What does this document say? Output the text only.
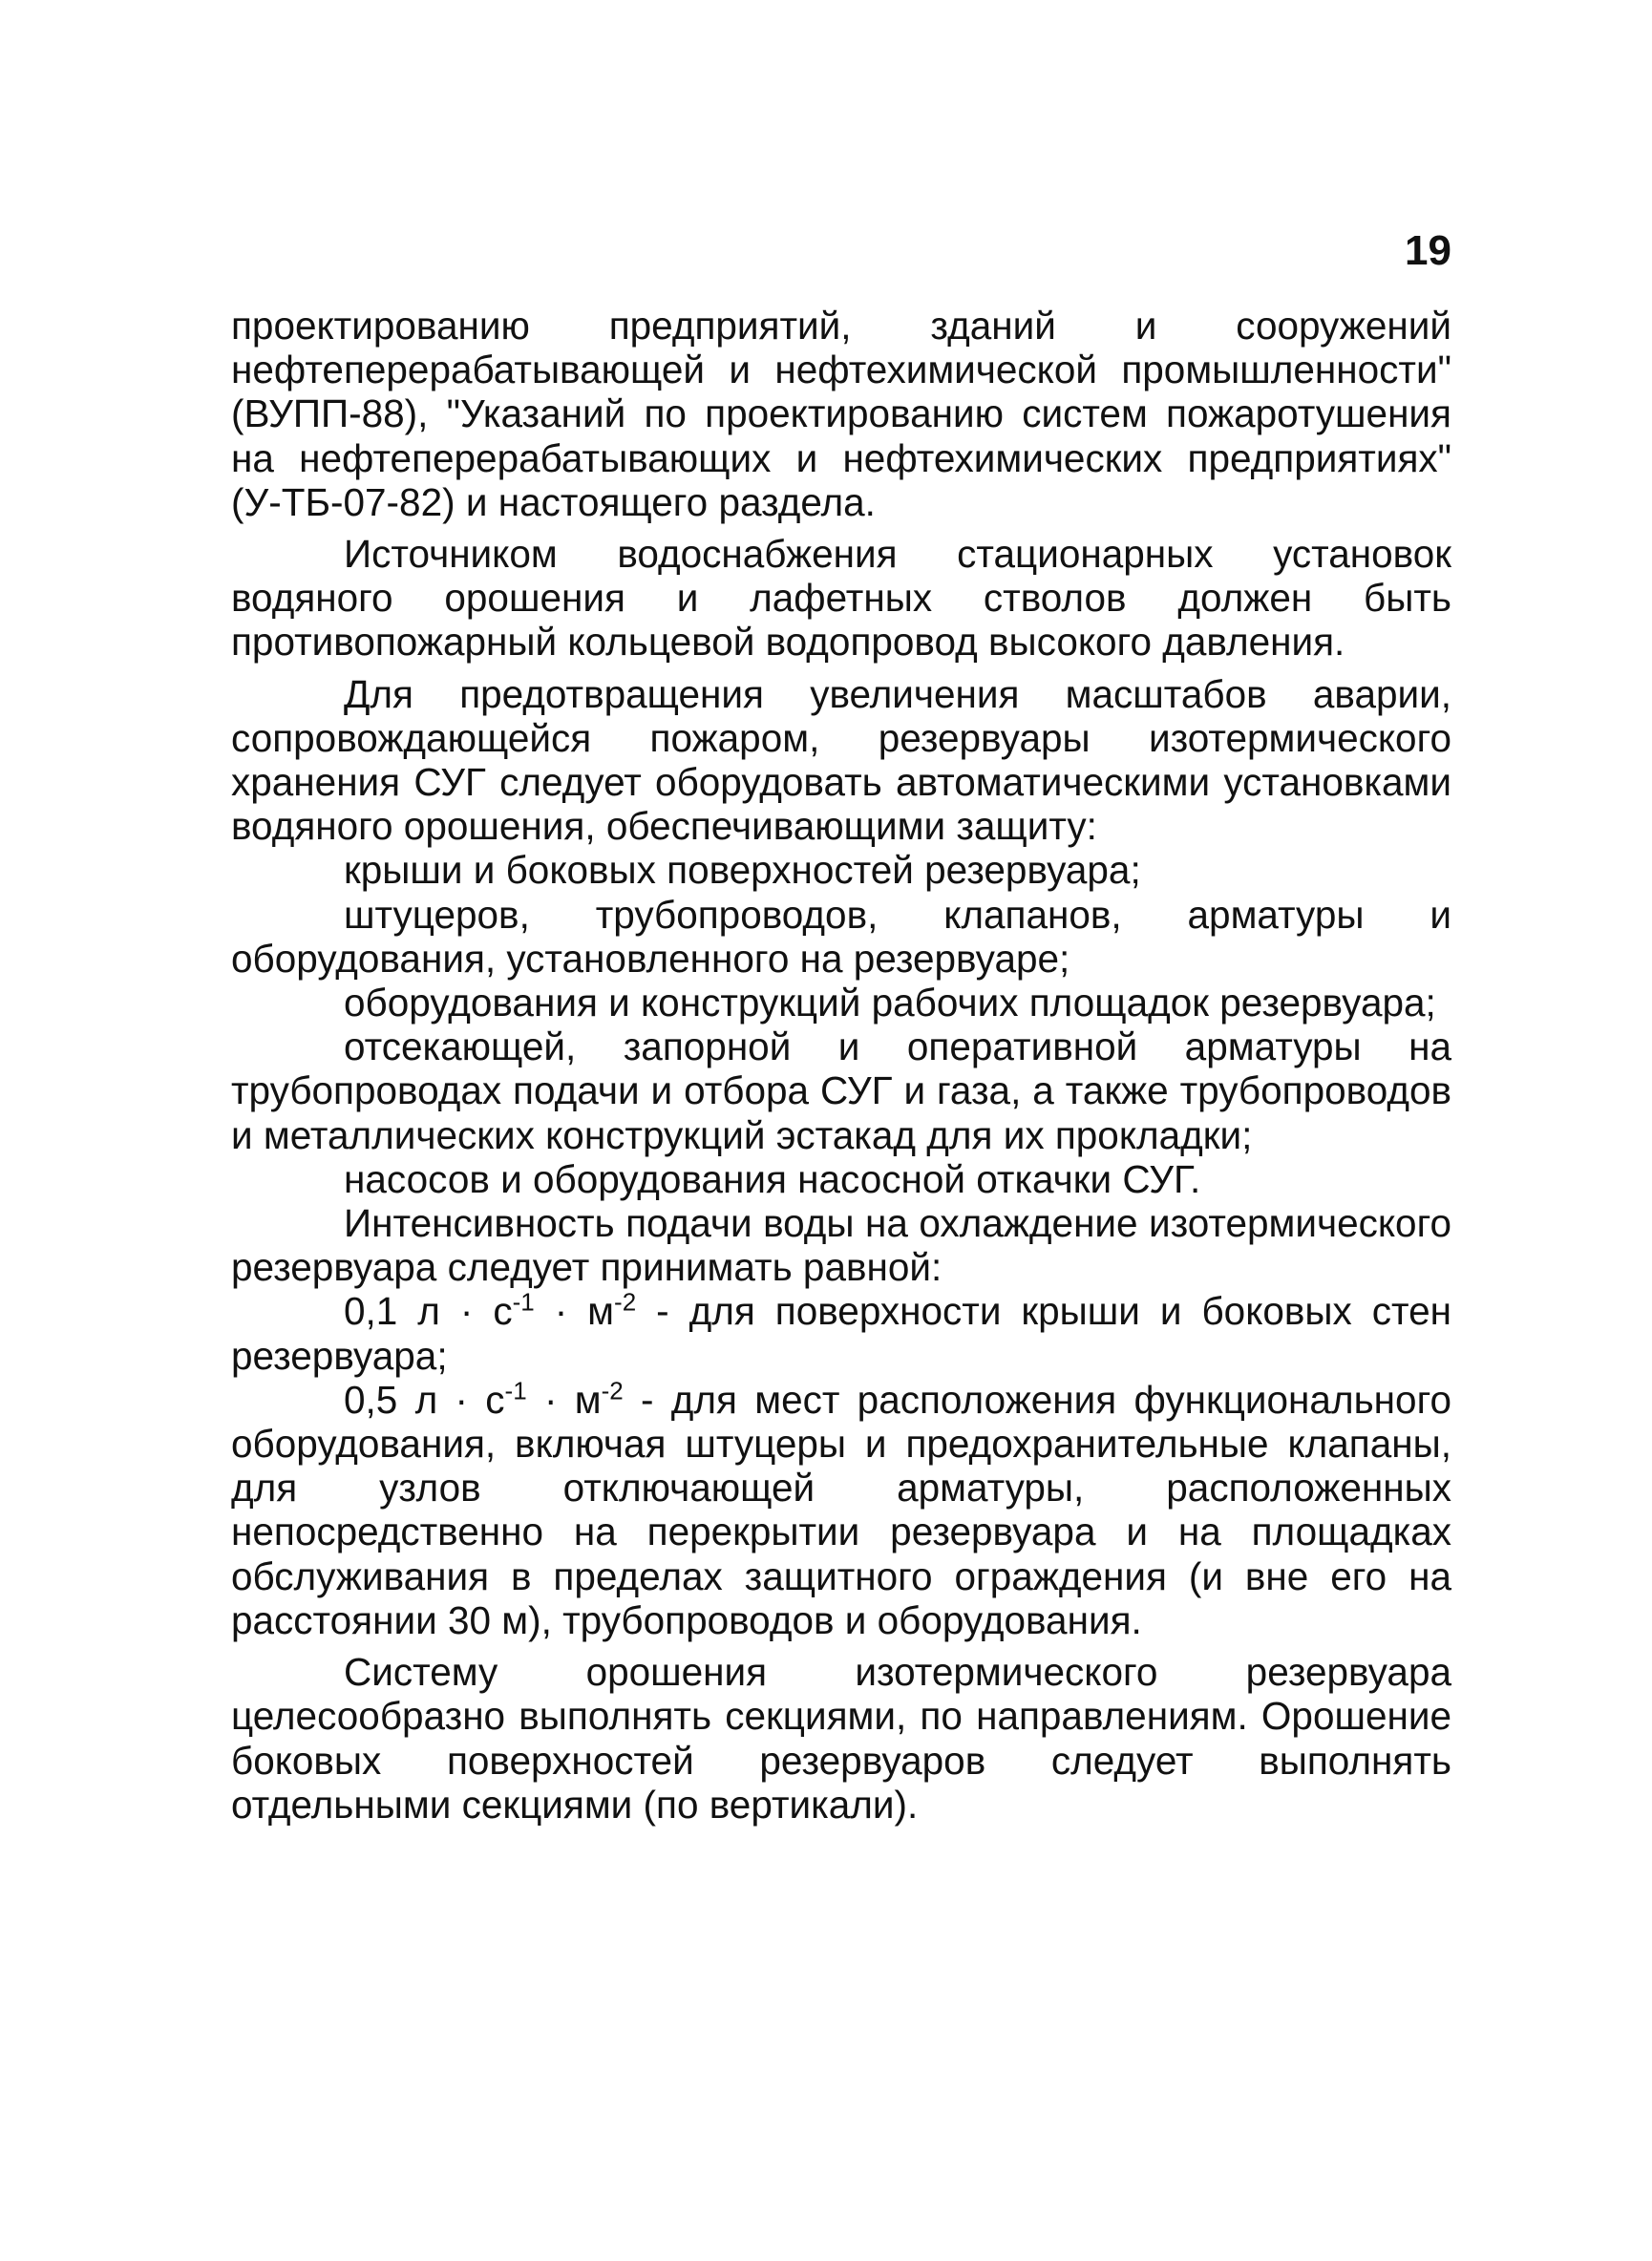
19

проектированию предприятий, зданий и сооружений нефтеперерабатывающей и нефтехимической промышленности" (ВУПП-88), "Указаний по проектированию систем пожаротушения на нефтеперерабатывающих и нефтехимических предприятиях" (У-ТБ-07-82) и настоящего раздела.

Источником водоснабжения стационарных установок водяного орошения и лафетных стволов должен быть противопожарный кольцевой водопровод высокого давления.

Для предотвращения увеличения масштабов аварии, сопровождающейся пожаром, резервуары изотермического хранения СУГ следует оборудовать автоматическими установками водяного орошения, обеспечивающими защиту:

крыши и боковых поверхностей резервуара;

штуцеров, трубопроводов, клапанов, арматуры и оборудования, установленного на резервуаре;

оборудования и конструкций рабочих площадок резервуара;

отсекающей, запорной и оперативной арматуры на трубопроводах подачи и отбора СУГ и газа, а также трубопроводов и металлических конструкций эстакад для их прокладки;

насосов и оборудования насосной откачки СУГ.

Интенсивность подачи воды на охлаждение изотермического резервуара следует принимать равной:

0,1 $л \cdot с^{-1} \cdot м^{-2}$ - для поверхности крыши и боковых стен резервуара;

0,5 $л \cdot с^{-1} \cdot м^{-2}$ - для мест расположения функционального оборудования, включая штуцеры и предохранительные клапаны, для узлов отключающей арматуры, расположенных непосредственно на перекрытии резервуара и на площадках обслуживания в пределах защитного ограждения (и вне его на расстоянии 30 м), трубопроводов и оборудования.

Систему орошения изотермического резервуара целесообразно выполнять секциями, по направлениям. Орошение боковых поверхностей резервуаров следует выполнять отдельными секциями (по вертикали).
